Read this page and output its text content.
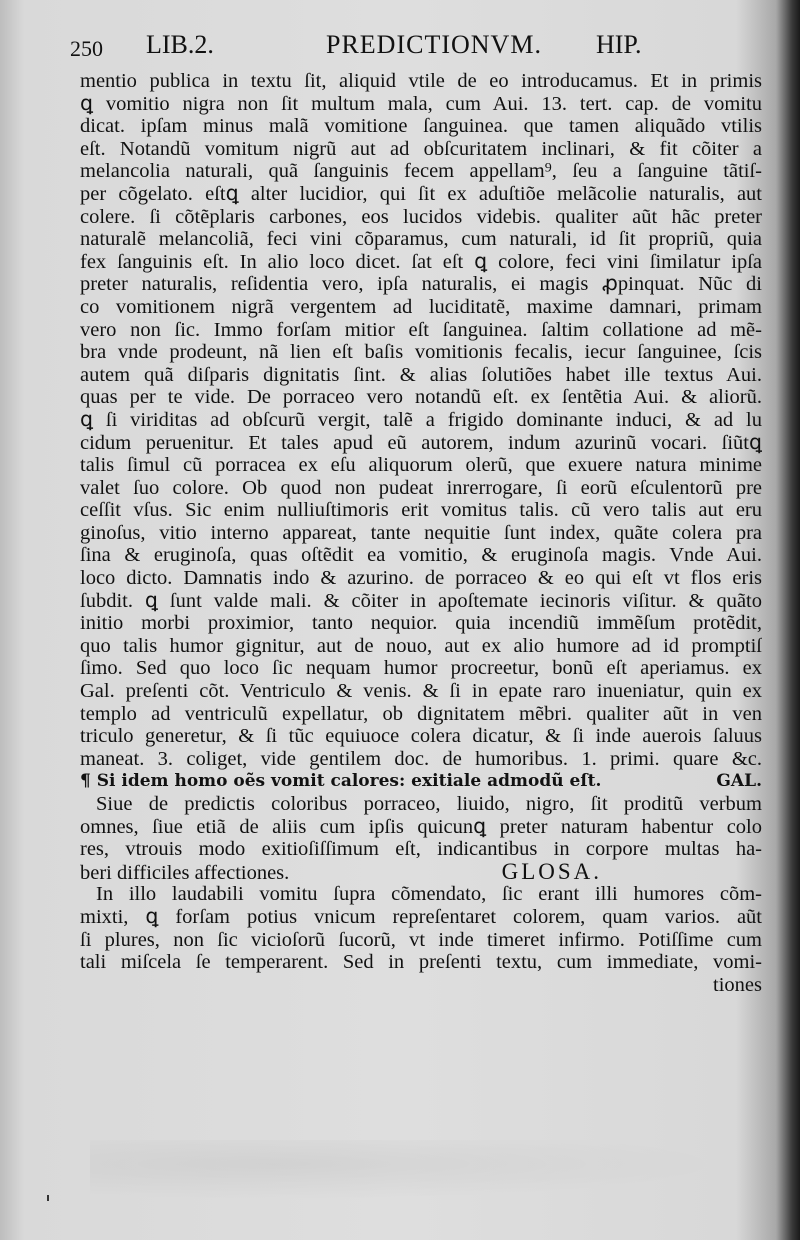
250 LIB.2.	PREDICTIONVM. HIP.
mentio publica in textu ſit, aliquid vtile de eo introducamus. Et in primis
ꝗ vomitio nigra non ſit multum mala, cum Aui. 13. tert. cap. de vomitu
dicat. ipſam minus malã vomitione ſanguinea. que tamen aliquãdo vtilis
eſt. Notandũ vomitum nigrũ aut ad obſcuritatem inclinari, & fit cõiter a
melancolia naturali, quã ſanguinis fecem appellam⁹, ſeu a ſanguine tãtiſ-
per cõgelato. eſtꝗ alter lucidior, qui ſit ex aduſtiõe melãcolie naturalis, aut
colere. ſi cõtẽplaris carbones, eos lucidos videbis. qualiter aũt hãc preter
naturalẽ melancoliã, feci vini cõparamus, cum naturali, id ſit propriũ, quia
fex ſanguinis eſt. In alio loco dicet. ſat eſt ꝗ colore, feci vini ſimilatur ipſa
preter naturalis, reſidentia vero, ipſa naturalis, ei magis ꝓpinquat. Nũc di
co vomitionem nigrã vergentem ad luciditatẽ, maxime damnari, primam
vero non ſic. Immo forſam mitior eſt ſanguinea. ſaltim collatione ad mẽ-
bra vnde prodeunt, nã lien eſt baſis vomitionis fecalis, iecur ſanguinee, ſcis
autem quã diſparis dignitatis ſint. & alias ſolutiões habet ille textus Aui.
quas per te vide. De porraceo vero notandũ eſt. ex ſentẽtia Aui. & aliorũ.
ꝗ ſi viriditas ad obſcurũ vergit, talẽ a frigido dominante induci, & ad lu
cidum peruenitur. Et tales apud eũ autorem, indum azurinũ vocari. ſiũtꝗ
talis ſimul cũ porracea ex eſu aliquorum olerũ, que exuere natura minime
valet ſuo colore. Ob quod non pudeat inrerrogare, ſi eorũ eſculentorũ pre
ceſſit vſus. Sic enim nulliuſtimoris erit vomitus talis. cũ vero talis aut eru
ginoſus, vitio interno appareat, tante nequitie ſunt index, quãte colera pra
ſina & eruginoſa, quas oſtẽdit ea vomitio, & eruginoſa magis. Vnde Aui.
loco dicto. Damnatis indo & azurino. de porraceo & eo qui eſt vt flos eris
ſubdit. ꝗ ſunt valde mali. & cõiter in apoſtemate iecinoris viſitur. & quãto
initio morbi proximior, tanto nequior. quia incendiũ immẽſum protẽdit,
quo talis humor gignitur, aut de nouo, aut ex alio humore ad id promptiſ
ſimo. Sed quo loco ſic nequam humor procreetur, bonũ eſt aperiamus. ex
Gal. preſenti cõt. Ventriculo & venis. & ſi in epate raro inueniatur, quin ex
templo ad ventriculũ expellatur, ob dignitatem mẽbri. qualiter aũt in ven
triculo generetur, & ſi tũc equiuoce colera dicatur, & ſi inde auerois ſaluus
maneat. 3. coliget, vide gentilem doc. de humoribus. 1. primi. quare &c.
¶ Si idem homo oẽs vomit calores: exitiale admodũ eſt.	GAL.
Siue de predictis coloribus porraceo, liuido, nigro, ſit proditũ verbum
omnes, ſiue etiã de aliis cum ipſis quicunꝗ preter naturam habentur colo
res, vtrouis modo exitioſiſſimum eſt, indicantibus in corpore multas ha-
beri difficiles affectiones.	GLOSA.
In illo laudabili vomitu ſupra cõmendato, ſic erant illi humores cõm-
mixti, ꝗ forſam potius vnicum repreſentaret colorem, quam varios. aũt
ſi plures, non ſic vicioſorũ ſucorũ, vt inde timeret infirmo. Potiſſime cum
tali miſcela ſe temperarent. Sed in preſenti textu, cum immediate, vomi-
tiones
